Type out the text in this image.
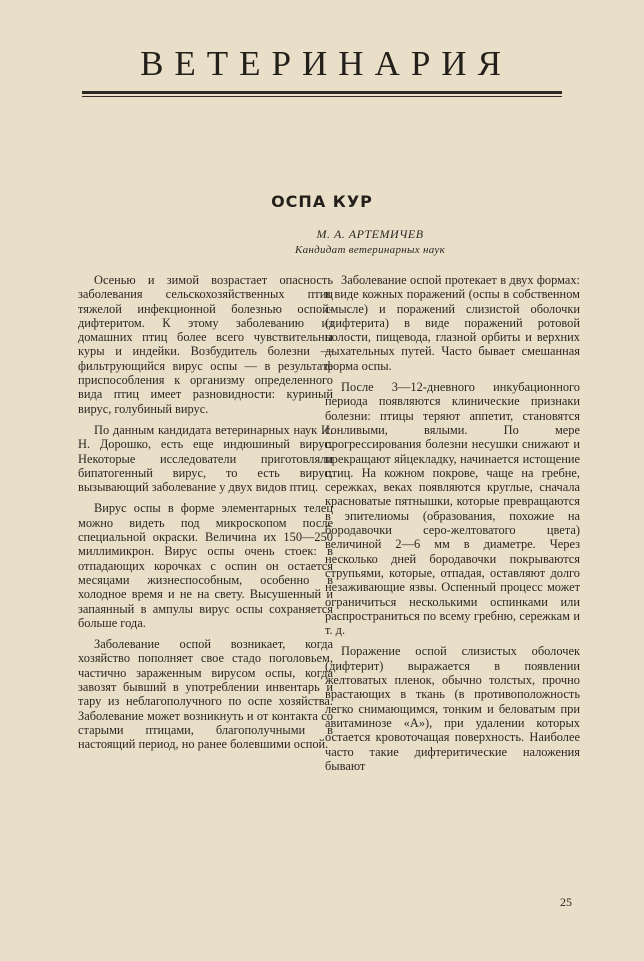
ВЕТЕРИНАРИЯ
ОСПА КУР
М. А. АРТЕМИЧЕВ
Кандидат ветеринарных наук

Осенью и зимой возрастает опасность заболевания сельскохозяйственных птиц тяжелой инфекционной болезнью оспой-дифтеритом. К этому заболеванию из домашних птиц более всего чувствительны куры и индейки. Возбудитель болезни — фильтрующийся вирус оспы — в результате приспособления к организму определенного вида птиц имеет разновидности: куриный вирус, голубиный вирус.

По данным кандидата ветеринарных наук И. Н. Дорошко, есть еще индюшиный вирус. Некоторые исследователи приготовляли бипатогенный вирус, то есть вирус, вызывающий заболевание у двух видов птиц.

Вирус оспы в форме элементарных телец можно видеть под микроскопом после специальной окраски. Величина их 150—250 миллимикрон. Вирус оспы очень стоек: в отпадающих корочках с оспин он остается месяцами жизнеспособным, особенно в холодное время и не на свету. Высушенный и запаянный в ампулы вирус оспы сохраняется больше года.

Заболевание оспой возникает, когда хозяйство пополняет свое стадо поголовьем, частично зараженным вирусом оспы, когда завозят бывший в употреблении инвентарь и тару из неблагополучного по оспе хозяйства. Заболевание может возникнуть и от контакта со старыми птицами, благополучными в настоящий период, но ранее болевшими оспой.

Заболевание оспой протекает в двух формах: в виде кожных поражений (оспы в собственном смысле) и поражений слизистой оболочки (дифтерита) в виде поражений ротовой полости, пищевода, глазной орбиты и верхних дыхательных путей. Часто бывает смешанная форма оспы.

После 3—12-дневного инкубационного периода появляются клинические признаки болезни: птицы теряют аппетит, становятся сонливыми, вялыми. По мере прогрессирования болезни несушки снижают и прекращают яйцекладку, начинается истощение птиц. На кожном покрове, чаще на гребне, сережках, веках появляются круглые, сначала красноватые пятнышки, которые превращаются в эпителиомы (образования, похожие на бородавочки серо-желтоватого цвета) величиной 2—6 мм в диаметре. Через несколько дней бородавочки покрываются струпьями, которые, отпадая, оставляют долго незаживающие язвы. Оспенный процесс может ограничиться несколькими оспинками или распространиться по всему гребню, сережкам и т. д.

Поражение оспой слизистых оболочек (дифтерит) выражается в появлении желтоватых пленок, обычно толстых, прочно врастающих в ткань (в противоположность легко снимающимся, тонким и беловатым при авитаминозе «А»), при удалении которых остается кровоточащая поверхность. Наиболее часто такие дифтеритические наложения бывают

25
